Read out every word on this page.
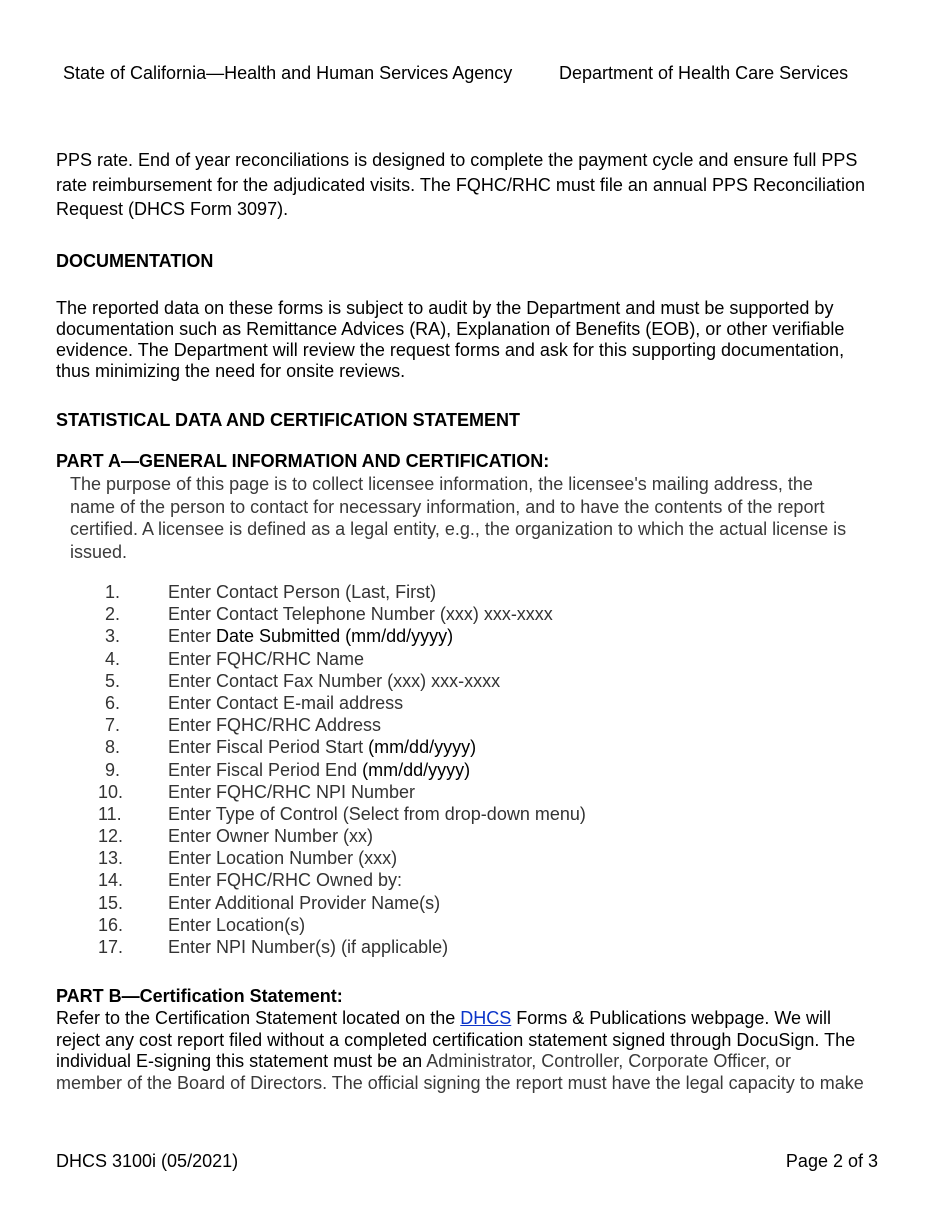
State of California—Health and Human Services Agency	Department of Health Care Services

PPS rate. End of year reconciliations is designed to complete the payment cycle and ensure full PPS

rate reimbursement for the adjudicated visits. The FQHC/RHC must file an annual PPS Reconciliation

Request (DHCS Form 3097).

DOCUMENTATION

The reported data on these forms is subject to audit by the Department and must be supported by

documentation such as Remittance Advices (RA), Explanation of Benefits (EOB), or other verifiable

evidence. The Department will review the request forms and ask for this supporting documentation,

thus minimizing the need for onsite reviews.

STATISTICAL DATA AND CERTIFICATION STATEMENT

PART A—GENERAL INFORMATION AND CERTIFICATION:

The purpose of this page is to collect licensee information, the licensee's mailing address, the

name of the person to contact for necessary information, and to have the contents of the report

certified. A licensee is defined as a legal entity, e.g., the organization to which the actual license is

issued.

1.	Enter Contact Person (Last, First)
2.	Enter Contact Telephone Number (xxx) xxx-xxxx
3.	Enter Date Submitted (mm/dd/yyyy)
4.	Enter FQHC/RHC Name
5.	Enter Contact Fax Number (xxx) xxx-xxxx
6.	Enter Contact E-mail address
7.	Enter FQHC/RHC Address
8.	Enter Fiscal Period Start (mm/dd/yyyy)
9.	Enter Fiscal Period End (mm/dd/yyyy)
10. Enter FQHC/RHC NPI Number
11.	Enter Type of Control (Select from drop-down menu)
12. Enter Owner Number (xx)
13. Enter Location Number (xxx)
14. Enter FQHC/RHC Owned by:
15. Enter Additional Provider Name(s)
16. Enter Location(s)
17. Enter NPI Number(s) (if applicable)

PART B—Certification Statement:

Refer to the Certification Statement located on the DHCS Forms & Publications webpage. We will

reject any cost report filed without a completed certification statement signed through DocuSign. The

individual E-signing this statement must be an Administrator, Controller, Corporate Officer, or

member of the Board of Directors. The official signing the report must have the legal capacity to make

DHCS 3100i (05/2021)	Page 2 of 3
